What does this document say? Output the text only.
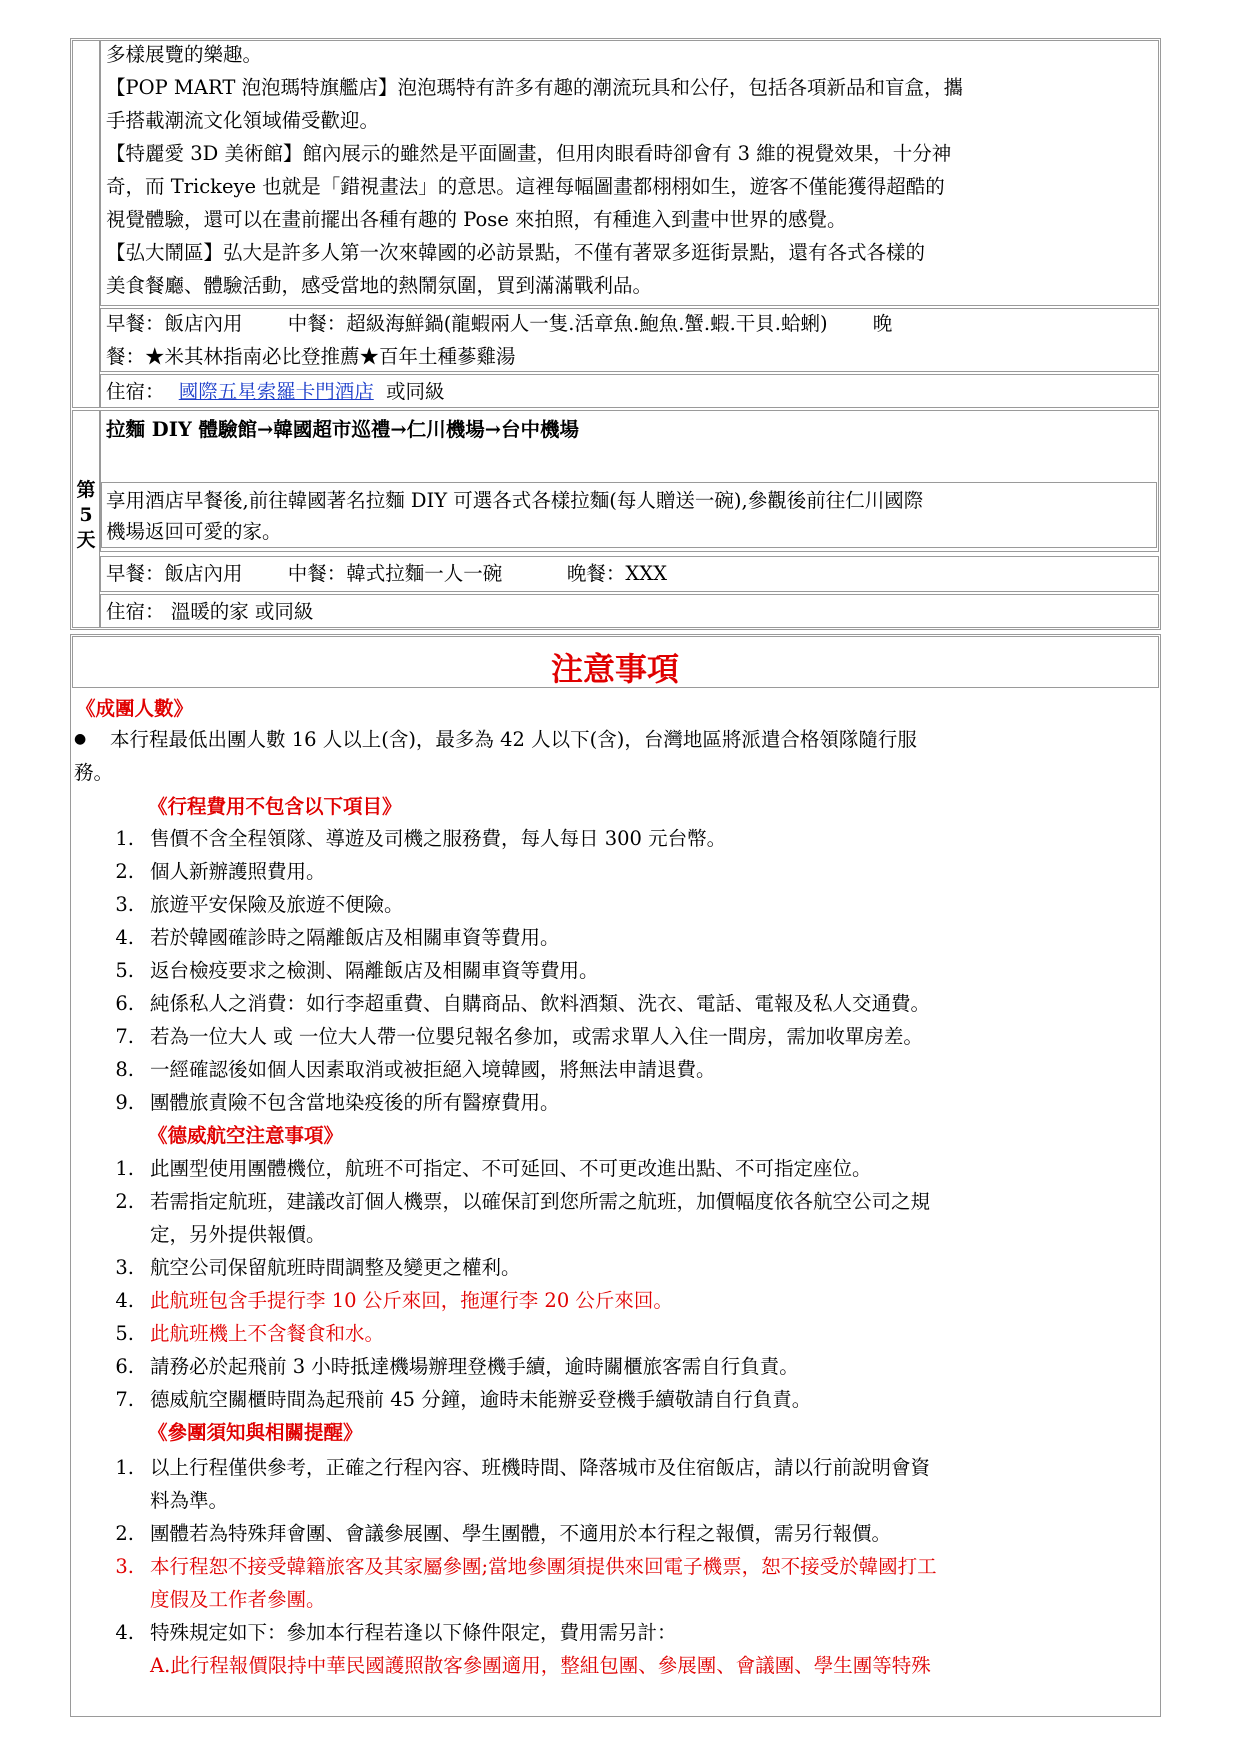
多樣展覽的樂趣。
【POP MART 泡泡瑪特旗艦店】泡泡瑪特有許多有趣的潮流玩具和公仔，包括各項新品和盲盒，攜
手搭載潮流文化領域備受歡迎。
【特麗愛 3D 美術館】館內展示的雖然是平面圖畫，但用肉眼看時卻會有 3 維的視覺效果，十分神
奇，而 Trickeye 也就是「錯視畫法」的意思。這裡每幅圖畫都栩栩如生，遊客不僅能獲得超酷的
視覺體驗，還可以在畫前擺出各種有趣的 Pose 來拍照，有種進入到畫中世界的感覺。
【弘大鬧區】弘大是許多人第一次來韓國的必訪景點，不僅有著眾多逛街景點，還有各式各樣的
美食餐廳、體驗活動，感受當地的熱鬧氛圍，買到滿滿戰利品。
早餐：飯店內用　　 中餐：超級海鮮鍋(龍蝦兩人一隻.活章魚.鮑魚.蟹.蝦.干貝.蛤蜊)　　 晚
餐：★米其林指南必比登推薦★百年土種蔘雞湯
住宿： 國際五星索羅卡門酒店 或同級
第
5
天
拉麵 DIY 體驗館→韓國超市巡禮→仁川機場→台中機場
享用酒店早餐後,前往韓國著名拉麵 DIY 可選各式各樣拉麵(每人贈送一碗),參觀後前往仁川國際
機場返回可愛的家。
早餐：飯店內用　　 中餐：韓式拉麵一人一碗　　　 晚餐：XXX
住宿： 溫暖的家 或同級
注意事項
《成團人數》
● 本行程最低出團人數 16 人以上(含)，最多為 42 人以下(含)，台灣地區將派遣合格領隊隨行服
務。
《行程費用不包含以下項目》
1. 售價不含全程領隊、導遊及司機之服務費，每人每日 300 元台幣。
2. 個人新辦護照費用。
3. 旅遊平安保險及旅遊不便險。
4. 若於韓國確診時之隔離飯店及相關車資等費用。
5. 返台檢疫要求之檢測、隔離飯店及相關車資等費用。
6. 純係私人之消費：如行李超重費、自購商品、飲料酒類、洗衣、電話、電報及私人交通費。
7. 若為一位大人 或 一位大人帶一位嬰兒報名參加，或需求單人入住一間房，需加收單房差。
8. 一經確認後如個人因素取消或被拒絕入境韓國，將無法申請退費。
9. 團體旅責險不包含當地染疫後的所有醫療費用。
《德威航空注意事項》
1. 此團型使用團體機位，航班不可指定、不可延回、不可更改進出點、不可指定座位。
2. 若需指定航班，建議改訂個人機票，以確保訂到您所需之航班，加價幅度依各航空公司之規
定，另外提供報價。
3. 航空公司保留航班時間調整及變更之權利。
4. 此航班包含手提行李 10 公斤來回，拖運行李 20 公斤來回。
5. 此航班機上不含餐食和水。
6. 請務必於起飛前 3 小時抵達機場辦理登機手續，逾時關櫃旅客需自行負責。
7. 德威航空關櫃時間為起飛前 45 分鐘，逾時未能辦妥登機手續敬請自行負責。
《參團須知與相關提醒》
1. 以上行程僅供參考，正確之行程內容、班機時間、降落城市及住宿飯店，請以行前說明會資
料為準。
2. 團體若為特殊拜會團、會議參展團、學生團體，不適用於本行程之報價，需另行報價。
3. 本行程恕不接受韓籍旅客及其家屬參團;當地參團須提供來回電子機票，恕不接受於韓國打工
度假及工作者參團。
4. 特殊規定如下：參加本行程若逢以下條件限定，費用需另計：
A.此行程報價限持中華民國護照散客參團適用，整組包團、參展團、會議團、學生團等特殊
